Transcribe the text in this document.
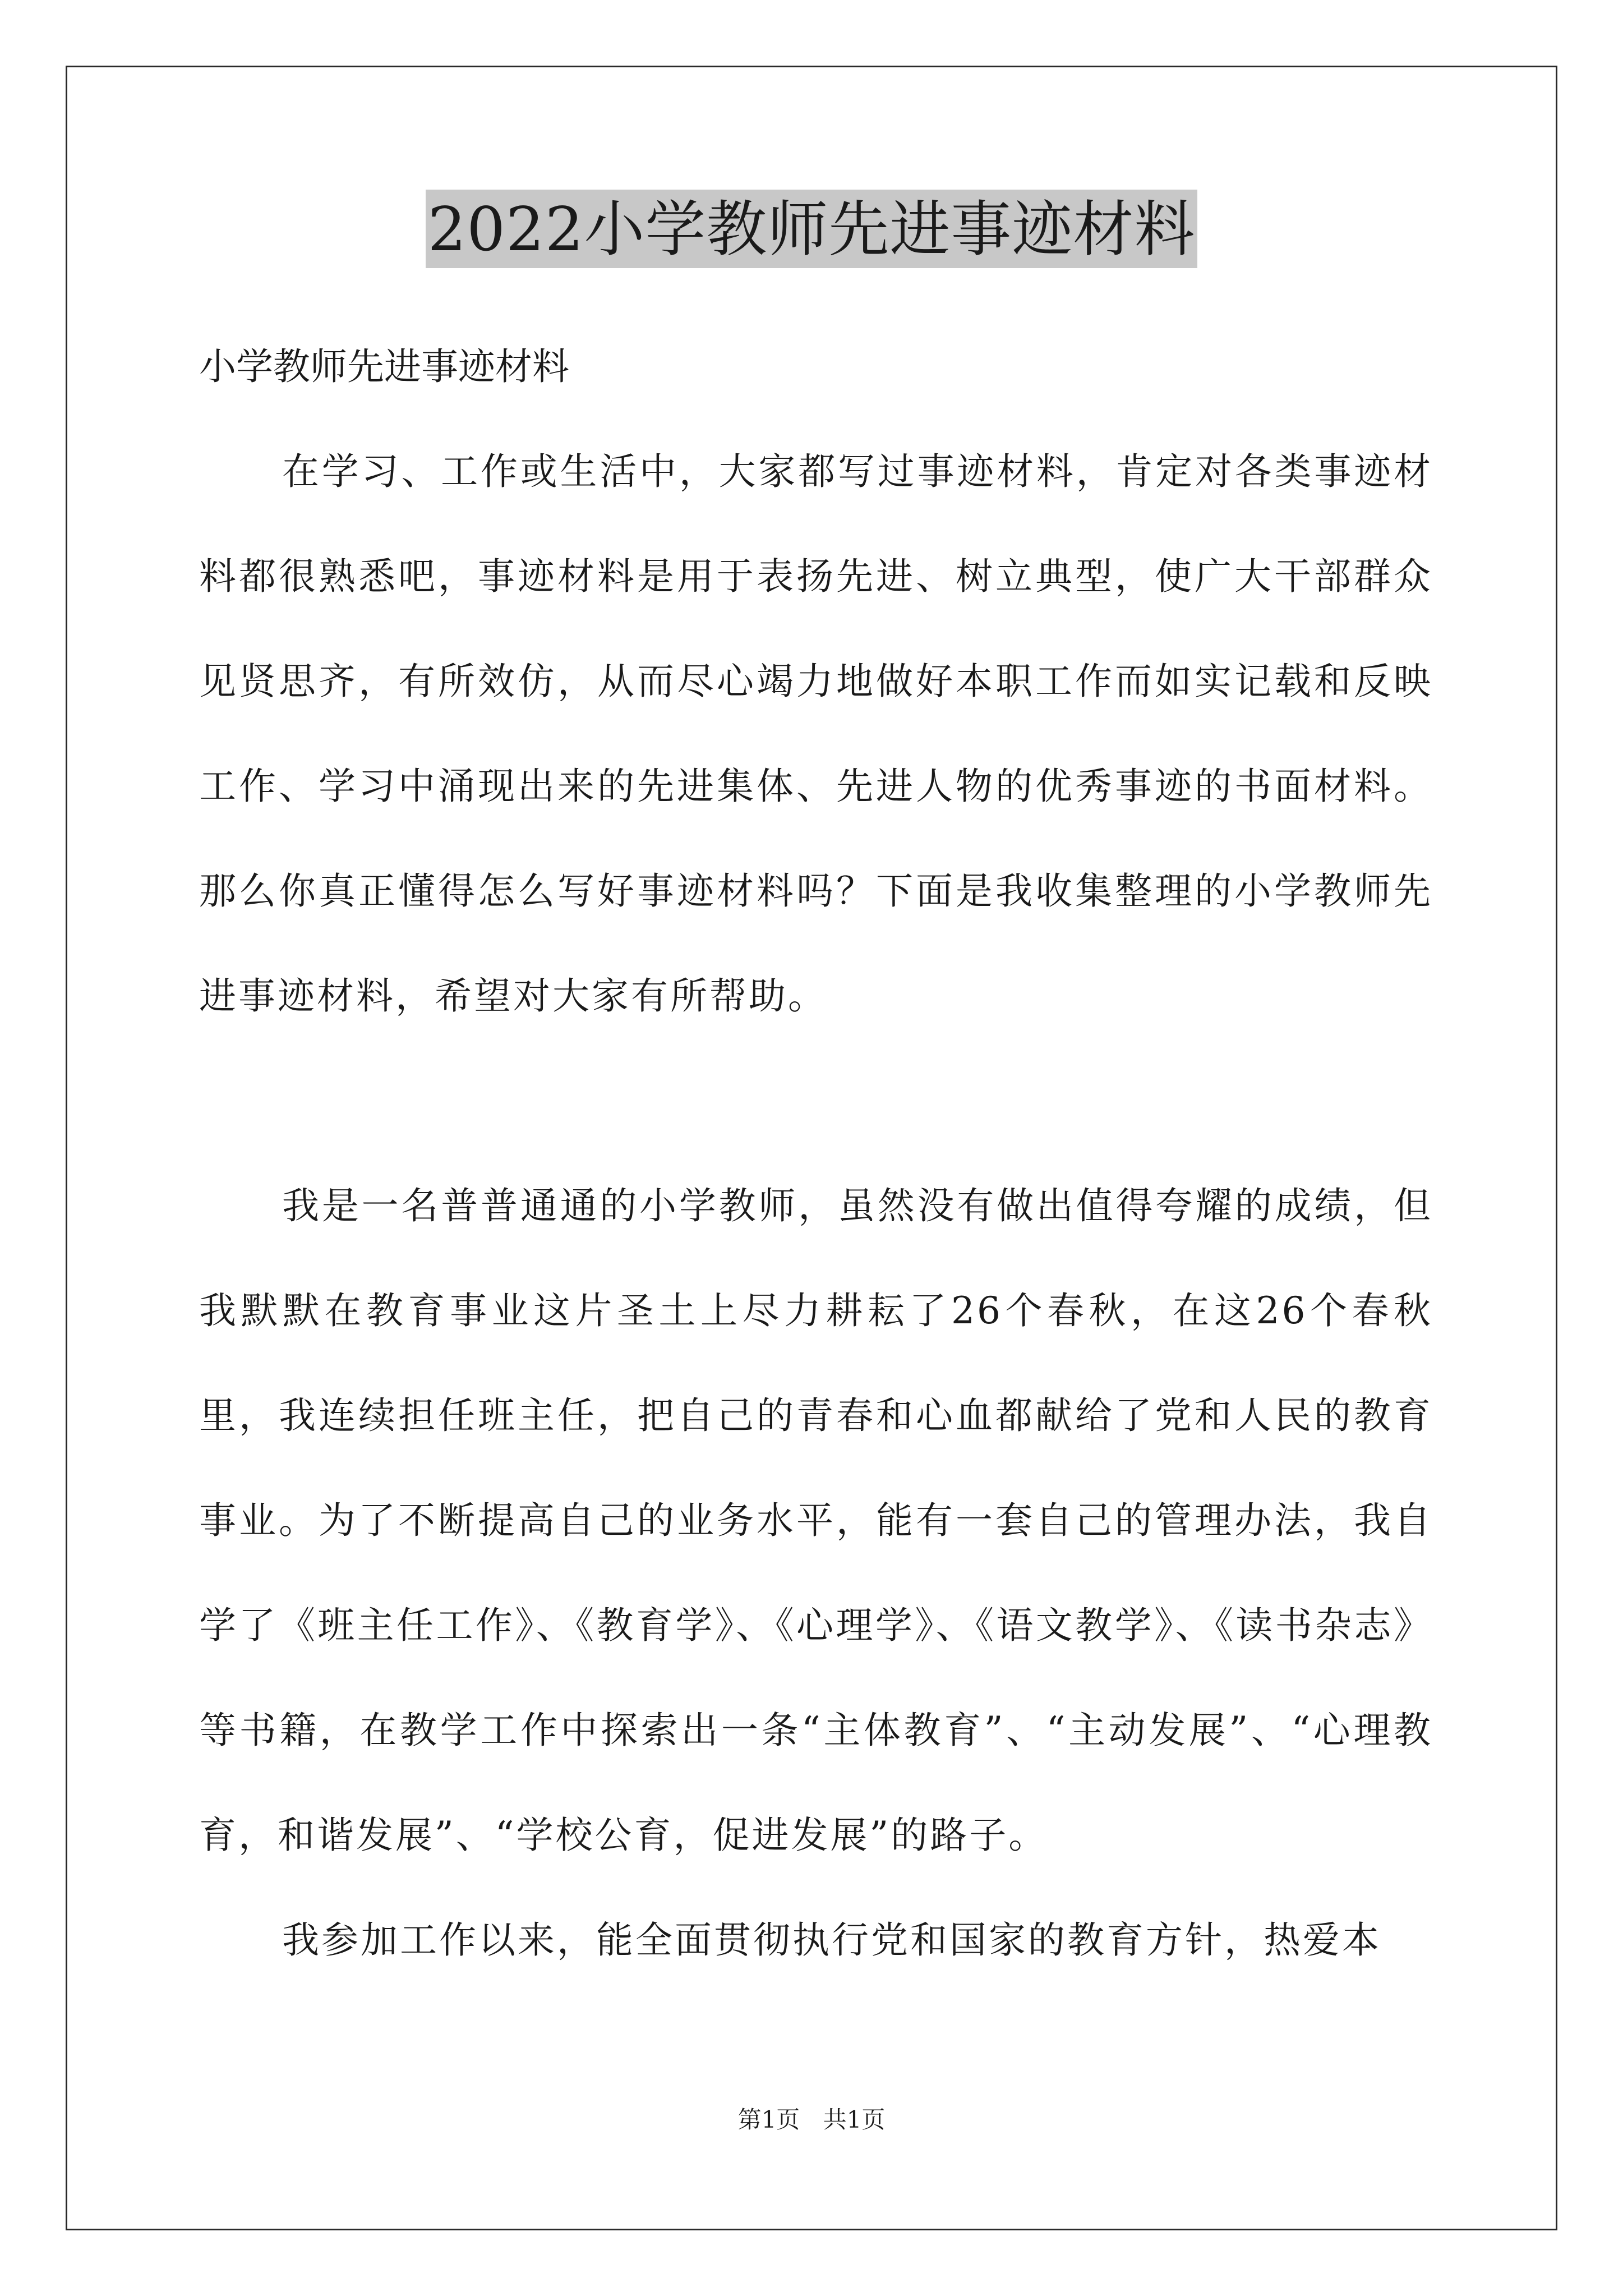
2022小学教师先进事迹材料

小学教师先进事迹材料

在学习、工作或生活中，大家都写过事迹材料，肯定对各类事迹材料都很熟悉吧，事迹材料是用于表扬先进、树立典型，使广大干部群众见贤思齐，有所效仿，从而尽心竭力地做好本职工作而如实记载和反映工作、学习中涌现出来的先进集体、先进人物的优秀事迹的书面材料。那么你真正懂得怎么写好事迹材料吗？下面是我收集整理的小学教师先进事迹材料，希望对大家有所帮助。

我是一名普普通通的小学教师，虽然没有做出值得夸耀的成绩，但我默默在教育事业这片圣土上尽力耕耘了26个春秋，在这26个春秋里，我连续担任班主任，把自己的青春和心血都献给了党和人民的教育事业。为了不断提高自己的业务水平，能有一套自己的管理办法，我自学了《班主任工作》、《教育学》、《心理学》、《语文教学》、《读书杂志》等书籍，在教学工作中探索出一条“主体教育”、“主动发展”、“心理教育，和谐发展”、“学校公育，促进发展”的路子。

我参加工作以来，能全面贯彻执行党和国家的教育方针，热爱本

第1页 共1页
